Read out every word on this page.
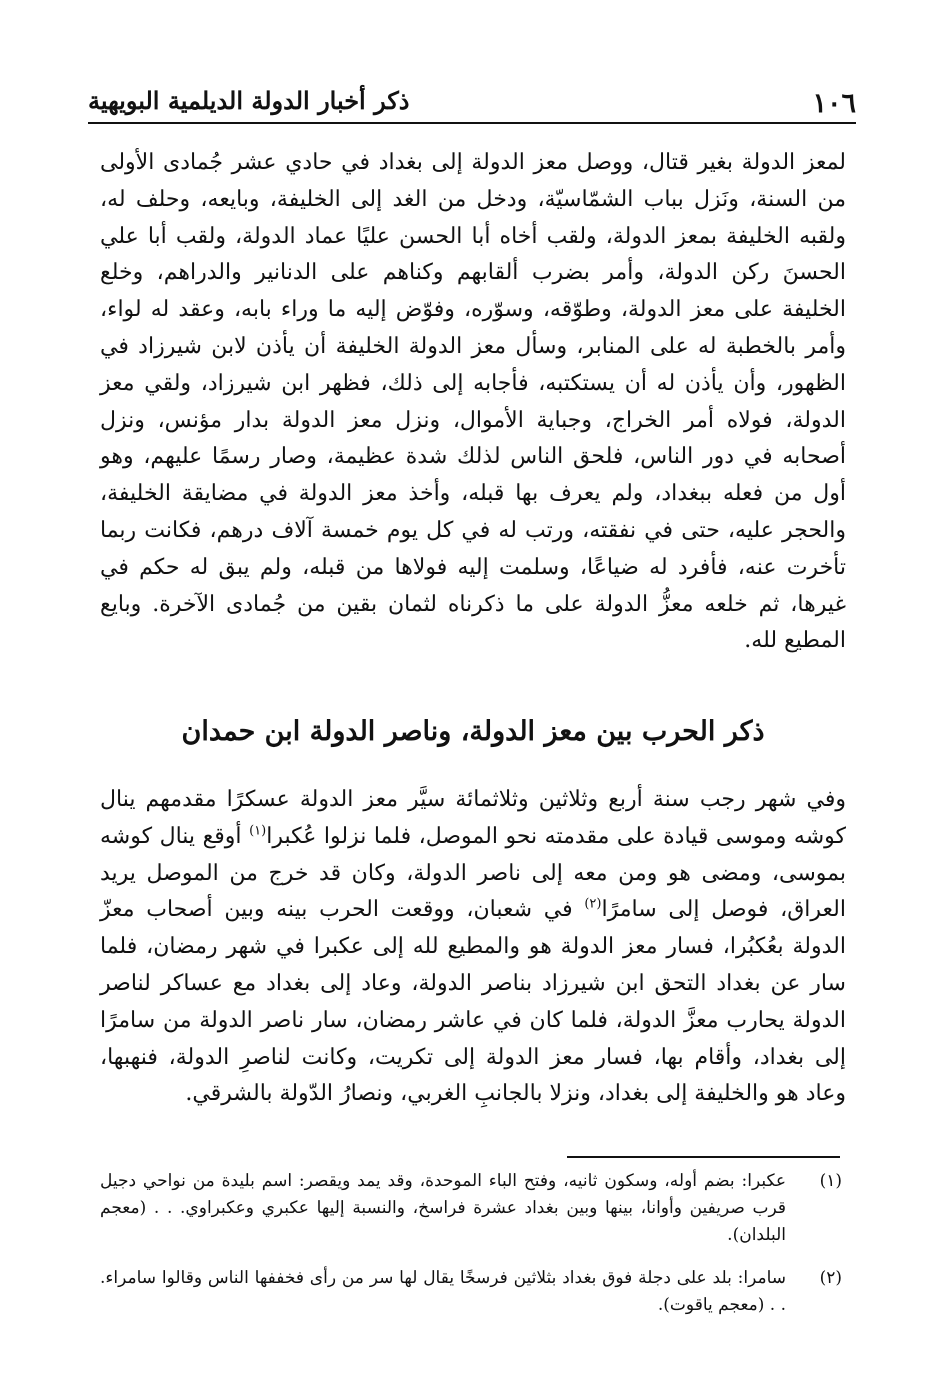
١٠٦
ذكر أخبار الدولة الديلمية البويهية

لمعز الدولة بغير قتال، ووصل معز الدولة إلى بغداد في حادي عشر جُمادى الأولى من السنة، ونَزل بباب الشمّاسيّة، ودخل من الغد إلى الخليفة، وبايعه، وحلف له، ولقبه الخليفة بمعز الدولة، ولقب أخاه أبا الحسن عليًا عماد الدولة، ولقب أبا علي الحسنَ ركن الدولة، وأمر بضرب ألقابهم وكناهم على الدنانير والدراهم، وخلع الخليفة على معز الدولة، وطوّقه، وسوّره، وفوّض إليه ما وراء بابه، وعقد له لواء، وأمر بالخطبة له على المنابر، وسأل معز الدولة الخليفة أن يأذن لابن شيرزاد في الظهور، وأن يأذن له أن يستكتبه، فأجابه إلى ذلك، فظهر ابن شيرزاد، ولقي معز الدولة، فولاه أمر الخراج، وجباية الأموال، ونزل معز الدولة بدار مؤنس، ونزل أصحابه في دور الناس، فلحق الناس لذلك شدة عظيمة، وصار رسمًا عليهم، وهو أول من فعله ببغداد، ولم يعرف بها قبله، وأخذ معز الدولة في مضايقة الخليفة، والحجر عليه، حتى في نفقته، ورتب له في كل يوم خمسة آلاف درهم، فكانت ربما تأخرت عنه، فأفرد له ضياعًا، وسلمت إليه فولاها من قبله، ولم يبق له حكم في غيرها، ثم خلعه معزُّ الدولة على ما ذكرناه لثمان بقين من جُمادى الآخرة. وبايع المطيع لله.

ذكر الحرب بين معز الدولة، وناصر الدولة ابن حمدان

وفي شهر رجب سنة أربع وثلاثين وثلاثمائة سيَّر معز الدولة عسكرًا مقدمهم ينال كوشه وموسى قيادة على مقدمته نحو الموصل، فلما نزلوا عُكبرا$^{(١)}$ أوقع ينال كوشه بموسى، ومضى هو ومن معه إلى ناصر الدولة، وكان قد خرج من الموصل يريد العراق، فوصل إلى سامرًا$^{(٢)}$ في شعبان، ووقعت الحرب بينه وبين أصحاب معزّ الدولة بعُكبُرا، فسار معز الدولة هو والمطيع لله إلى عكبرا في شهر رمضان، فلما سار عن بغداد التحق ابن شيرزاد بناصر الدولة، وعاد إلى بغداد مع عساكر لناصر الدولة يحارب معزَّ الدولة، فلما كان في عاشر رمضان، سار ناصر الدولة من سامرًا إلى بغداد، وأقام بها، فسار معز الدولة إلى تكريت، وكانت لناصرِ الدولة، فنهبها، وعاد هو والخليفة إلى بغداد، ونزلا بالجانبِ الغربي، ونصارُ الدّولة بالشرقي.

(١)
عكبرا: بضم أوله، وسكون ثانيه، وفتح الباء الموحدة، وقد يمد ويقصر: اسم بليدة من نواحي دجيل قرب صريفين وأوانا، بينها وبين بغداد عشرة فراسخ، والنسبة إليها عكبري وعكبراوي. . . (معجم البلدان).
(٢)
سامرا: بلد على دجلة فوق بغداد بثلاثين فرسخًا يقال لها سر من رأى فخففها الناس وقالوا سامراء. . . (معجم ياقوت).
